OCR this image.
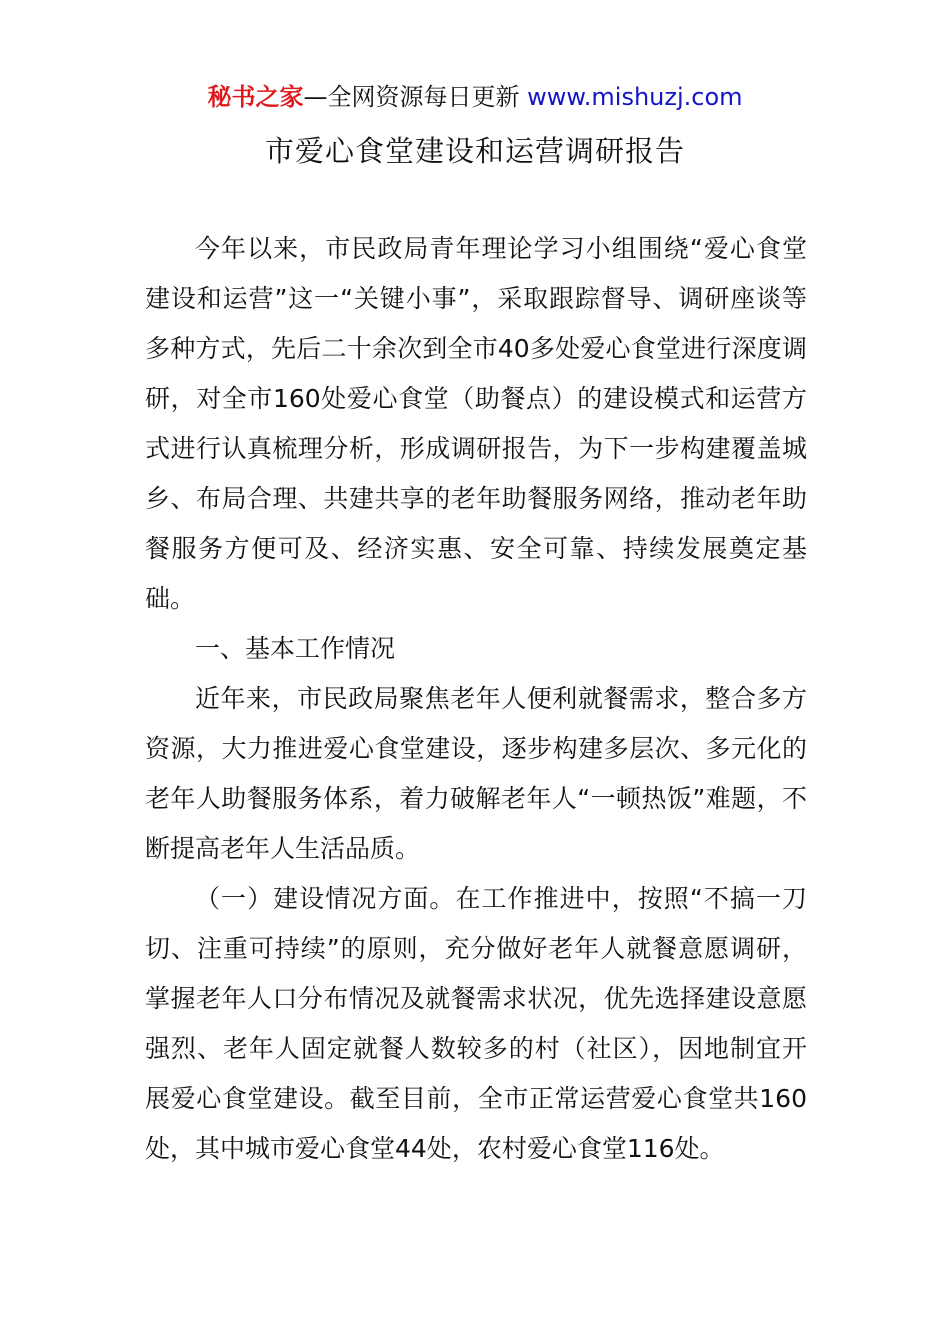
秘书之家—全网资源每日更新 www.mishuzj.com
市爱心食堂建设和运营调研报告

今年以来，市民政局青年理论学习小组围绕“爱心食堂建设和运营”这一“关键小事”，采取跟踪督导、调研座谈等多种方式，先后二十余次到全市40多处爱心食堂进行深度调研，对全市160处爱心食堂（助餐点）的建设模式和运营方式进行认真梳理分析，形成调研报告，为下一步构建覆盖城乡、布局合理、共建共享的老年助餐服务网络，推动老年助餐服务方便可及、经济实惠、安全可靠、持续发展奠定基础。

一、基本工作情况

近年来，市民政局聚焦老年人便利就餐需求，整合多方资源，大力推进爱心食堂建设，逐步构建多层次、多元化的老年人助餐服务体系，着力破解老年人“一顿热饭”难题，不断提高老年人生活品质。

（一）建设情况方面。在工作推进中，按照“不搞一刀切、注重可持续”的原则，充分做好老年人就餐意愿调研，掌握老年人口分布情况及就餐需求状况，优先选择建设意愿强烈、老年人固定就餐人数较多的村（社区），因地制宜开展爱心食堂建设。截至目前，全市正常运营爱心食堂共160处，其中城市爱心食堂44处，农村爱心食堂116处。
